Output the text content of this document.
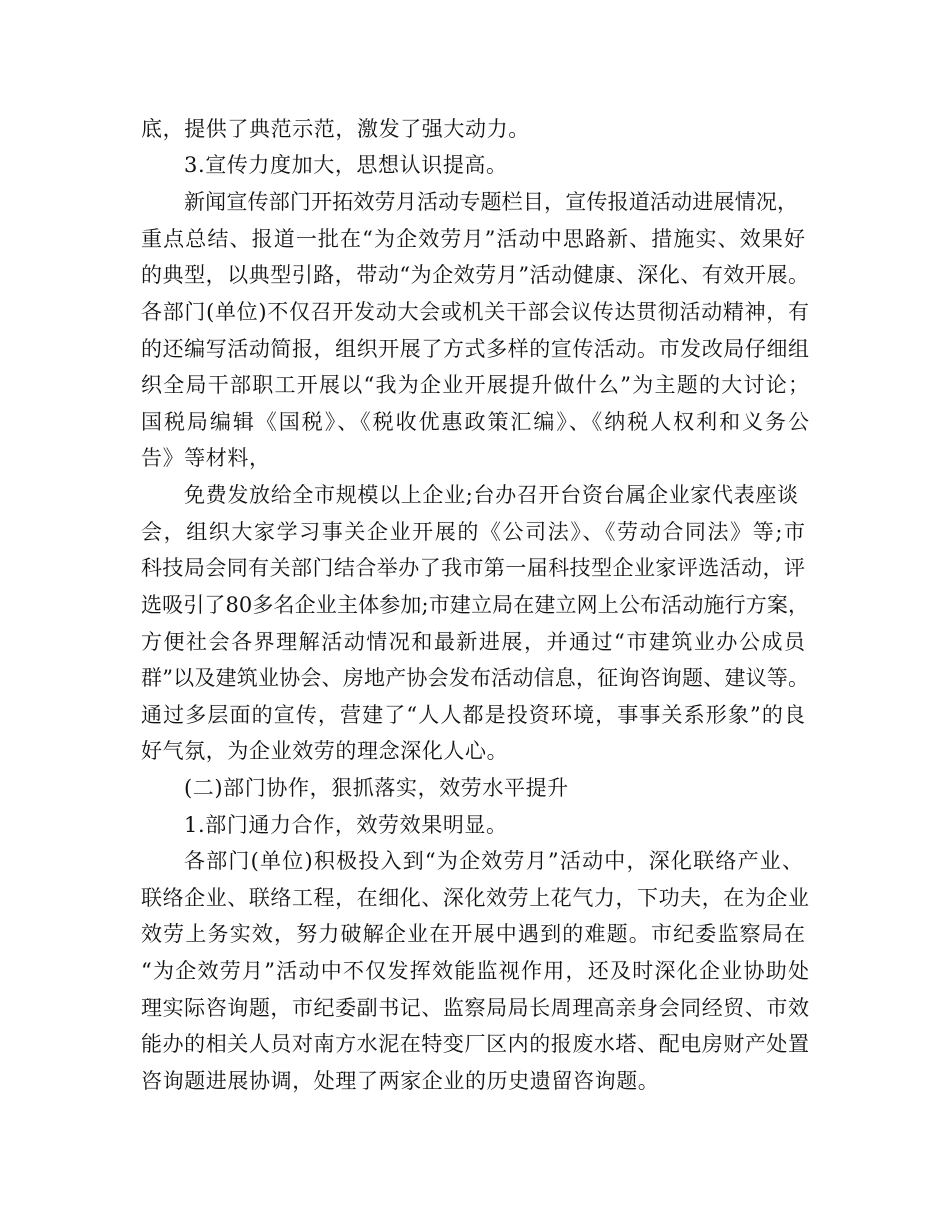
底，提供了典范示范，激发了强大动力。
3.宣传力度加大，思想认识提高。
新闻宣传部门开拓效劳月活动专题栏目，宣传报道活动进展情况，
重点总结、报道一批在“为企效劳月”活动中思路新、措施实、效果好
的典型，以典型引路，带动“为企效劳月”活动健康、深化、有效开展。
各部门(单位)不仅召开发动大会或机关干部会议传达贯彻活动精神，有
的还编写活动简报，组织开展了方式多样的宣传活动。市发改局仔细组
织全局干部职工开展以“我为企业开展提升做什么”为主题的大讨论；
国税局编辑《国税》、《税收优惠政策汇编》、《纳税人权利和义务公
告》等材料，
免费发放给全市规模以上企业;台办召开台资台属企业家代表座谈
会，组织大家学习事关企业开展的《公司法》、《劳动合同法》等;市
科技局会同有关部门结合举办了我市第一届科技型企业家评选活动，评
选吸引了80多名企业主体参加;市建立局在建立网上公布活动施行方案，
方便社会各界理解活动情况和最新进展，并通过“市建筑业办公成员
群”以及建筑业协会、房地产协会发布活动信息，征询咨询题、建议等。
通过多层面的宣传，营建了“人人都是投资环境，事事关系形象”的良
好气氛，为企业效劳的理念深化人心。
(二)部门协作，狠抓落实，效劳水平提升
1.部门通力合作，效劳效果明显。
各部门(单位)积极投入到“为企效劳月”活动中，深化联络产业、
联络企业、联络工程，在细化、深化效劳上花气力，下功夫，在为企业
效劳上务实效，努力破解企业在开展中遇到的难题。市纪委监察局在
“为企效劳月”活动中不仅发挥效能监视作用，还及时深化企业协助处
理实际咨询题，市纪委副书记、监察局局长周理高亲身会同经贸、市效
能办的相关人员对南方水泥在特变厂区内的报废水塔、配电房财产处置
咨询题进展协调，处理了两家企业的历史遗留咨询题。
